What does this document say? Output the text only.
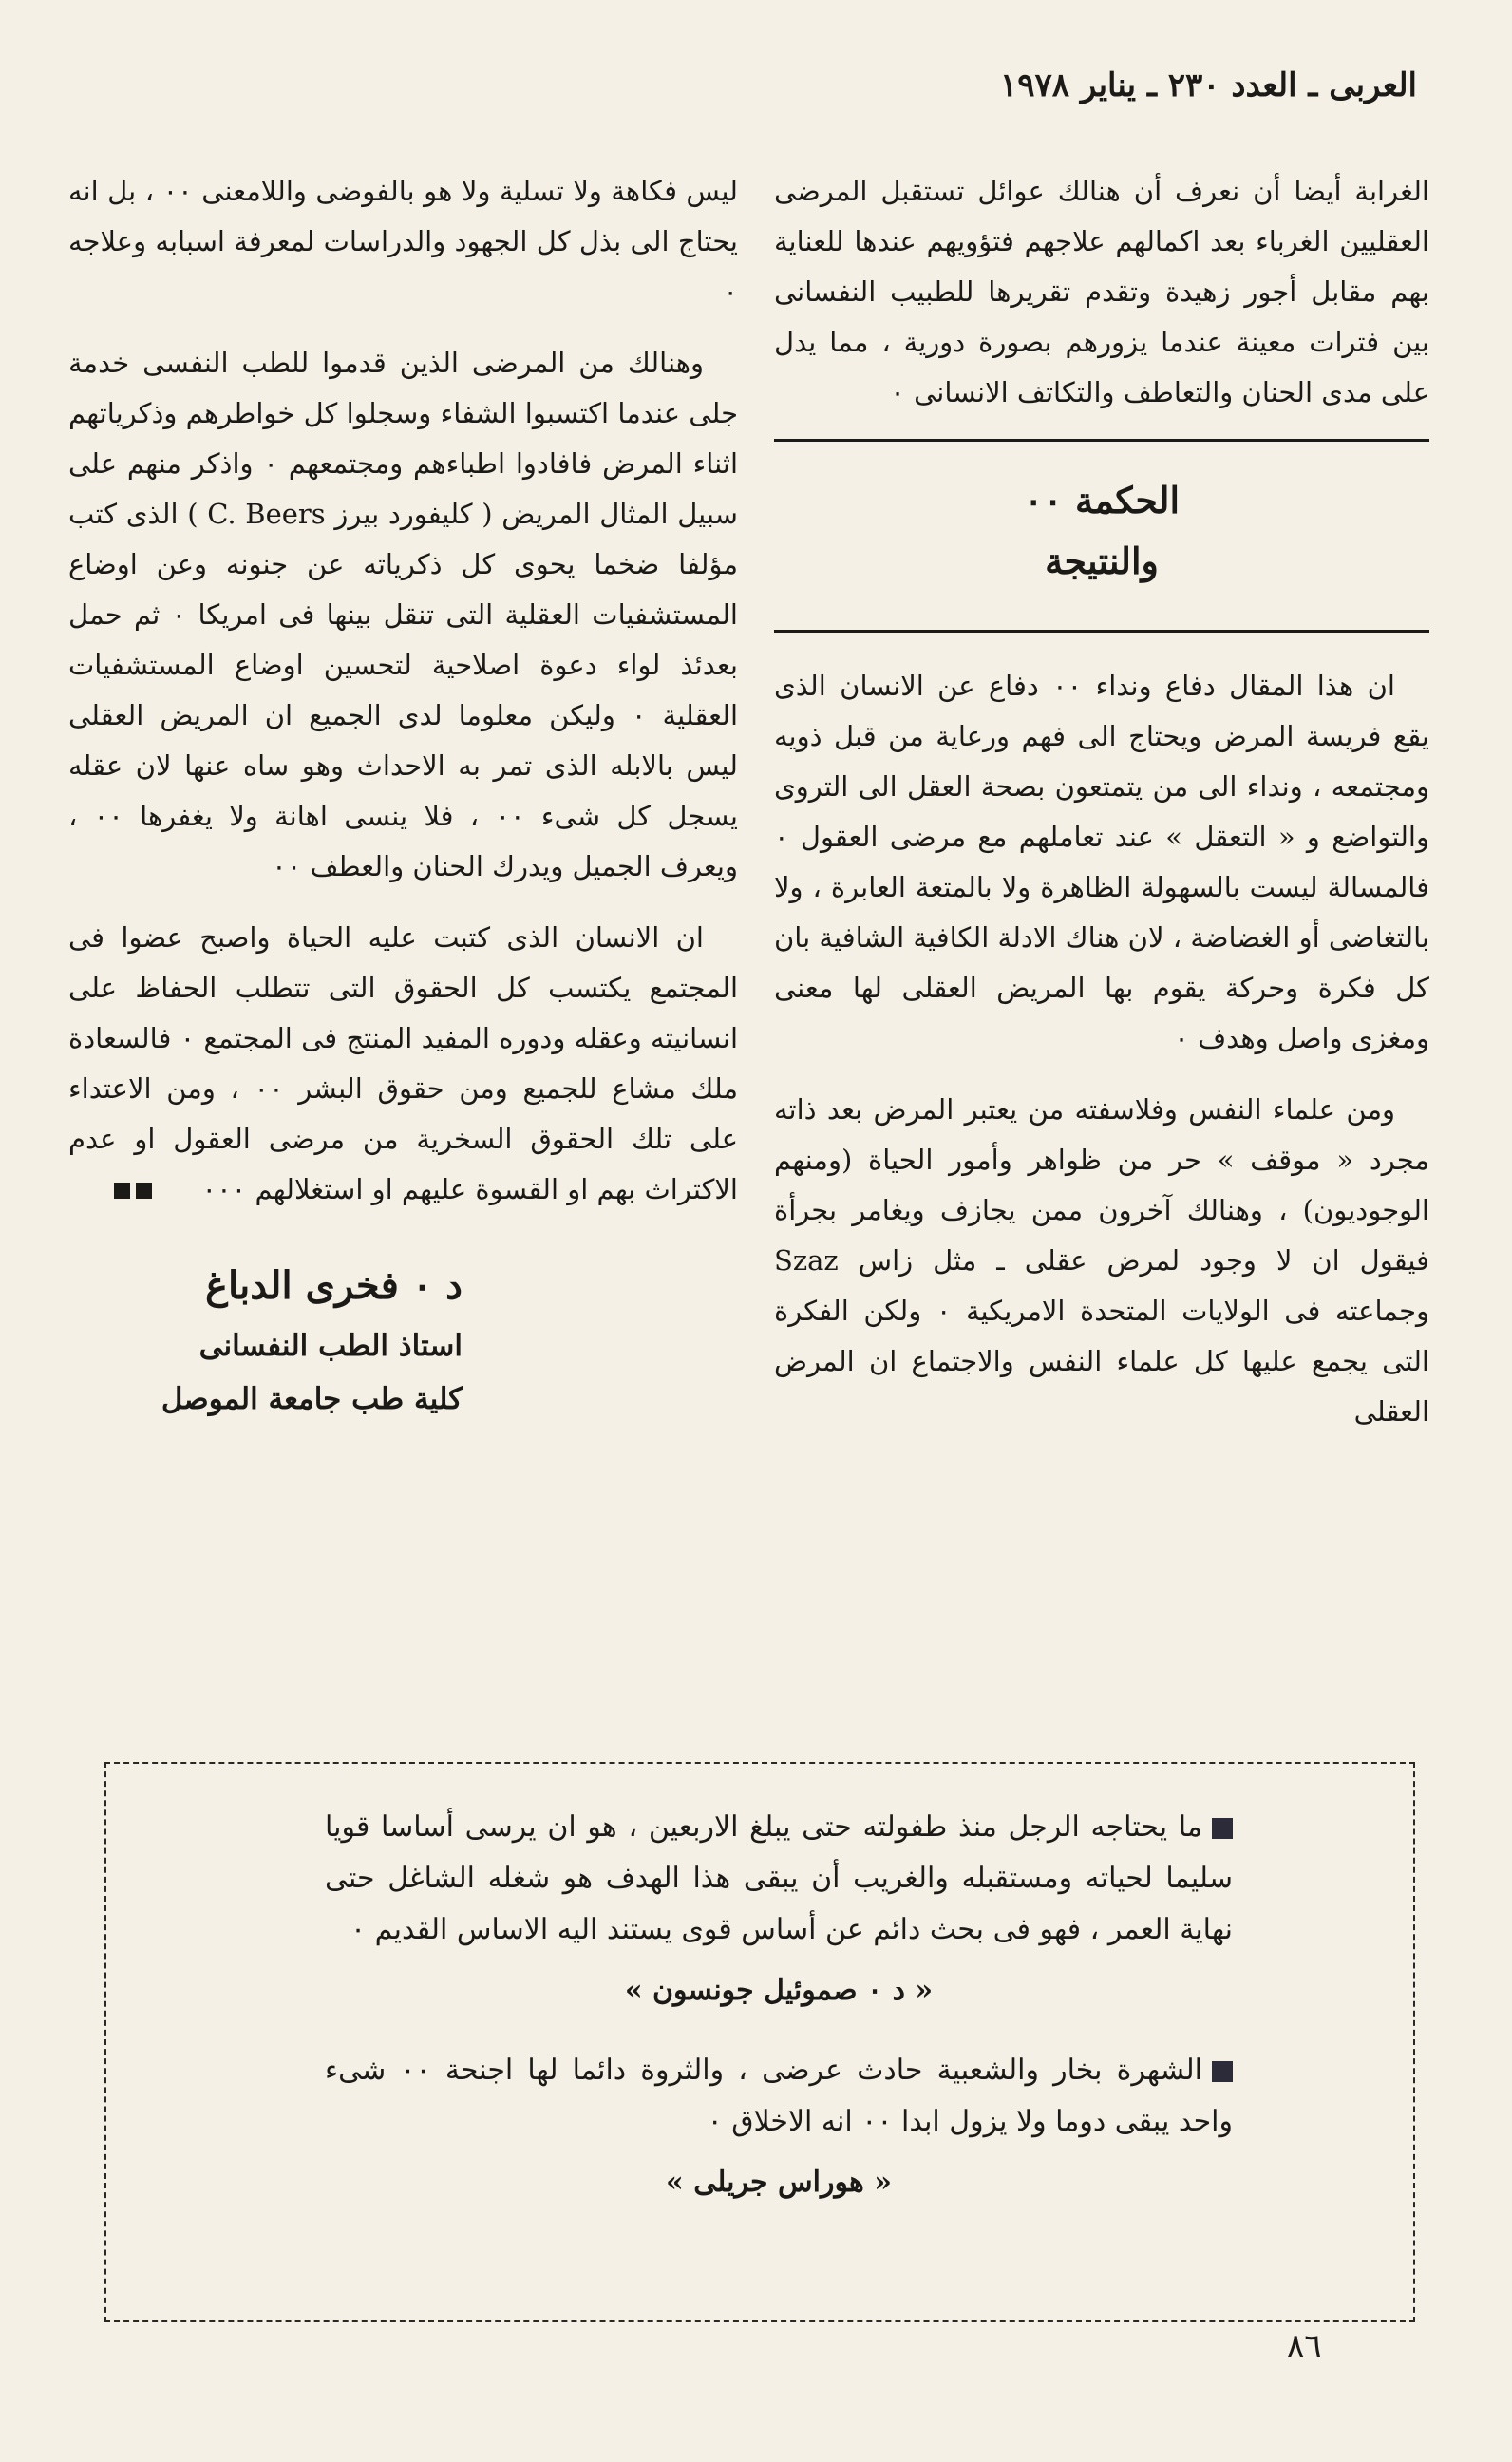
العربى ـ العدد ٢٣٠ ـ يناير ١٩٧٨

الغرابة أيضا أن نعرف أن هنالك عوائل تستقبل المرضى العقليين الغرباء بعد اكمالهم علاجهم فتؤويهم عندها للعناية بهم مقابل أجور زهيدة وتقدم تقريرها للطبيب النفسانى بين فترات معينة عندما يزورهم بصورة دورية ، مما يدل على مدى الحنان والتعاطف والتكاتف الانسانى ٠

الحكمة ٠٠
والنتيجة

ان هذا المقال دفاع ونداء ٠٠ دفاع عن الانسان الذى يقع فريسة المرض ويحتاج الى فهم ورعاية من قبل ذويه ومجتمعه ، ونداء الى من يتمتعون بصحة العقل الى التروى والتواضع و « التعقل » عند تعاملهم مع مرضى العقول ٠ فالمسالة ليست بالسهولة الظاهرة ولا بالمتعة العابرة ، ولا بالتغاضى أو الغضاضة ، لان هناك الادلة الكافية الشافية بان كل فكرة وحركة يقوم بها المريض العقلى لها معنى ومغزى واصل وهدف ٠

ومن علماء النفس وفلاسفته من يعتبر المرض بعد ذاته مجرد « موقف » حر من ظواهر وأمور الحياة (ومنهم الوجوديون) ، وهنالك آخرون ممن يجازف ويغامر بجرأة فيقول ان لا وجود لمرض عقلى ـ مثل زاس Szaz وجماعته فى الولايات المتحدة الامريكية ٠ ولكن الفكرة التى يجمع عليها كل علماء النفس والاجتماع ان المرض العقلى

ليس فكاهة ولا تسلية ولا هو بالفوضى واللامعنى ٠٠ ، بل انه يحتاج الى بذل كل الجهود والدراسات لمعرفة اسبابه وعلاجه ٠

وهنالك من المرضى الذين قدموا للطب النفسى خدمة جلى عندما اكتسبوا الشفاء وسجلوا كل خواطرهم وذكرياتهم اثناء المرض فافادوا اطباءهم ومجتمعهم ٠ واذكر منهم على سبيل المثال المريض ( كليفورد بيرز C. Beers ) الذى كتب مؤلفا ضخما يحوى كل ذكرياته عن جنونه وعن اوضاع المستشفيات العقلية التى تنقل بينها فى امريكا ٠ ثم حمل بعدئذ لواء دعوة اصلاحية لتحسين اوضاع المستشفيات العقلية ٠ وليكن معلوما لدى الجميع ان المريض العقلى ليس بالابله الذى تمر به الاحداث وهو ساه عنها لان عقله يسجل كل شىء ٠٠ ، فلا ينسى اهانة ولا يغفرها ٠٠ ، ويعرف الجميل ويدرك الحنان والعطف ٠٠

ان الانسان الذى كتبت عليه الحياة واصبح عضوا فى المجتمع يكتسب كل الحقوق التى تتطلب الحفاظ على انسانيته وعقله ودوره المفيد المنتج فى المجتمع ٠ فالسعادة ملك مشاع للجميع ومن حقوق البشر ٠٠ ، ومن الاعتداء على تلك الحقوق السخرية من مرضى العقول او عدم الاكتراث بهم او القسوة عليهم او استغلالهم ٠٠٠

د ٠ فخرى الدباغ
استاذ الطب النفسانى
كلية طب جامعة الموصل

ما يحتاجه الرجل منذ طفولته حتى يبلغ الاربعين ، هو ان يرسى أساسا قويا سليما لحياته ومستقبله والغريب أن يبقى هذا الهدف هو شغله الشاغل حتى نهاية العمر ، فهو فى بحث دائم عن أساس قوى يستند اليه الاساس القديم ٠

« د ٠ صموئيل جونسون »

الشهرة بخار والشعبية حادث عرضى ، والثروة دائما لها اجنحة ٠٠ شىء واحد يبقى دوما ولا يزول ابدا ٠٠ انه الاخلاق ٠

« هوراس جريلى »
٨٦
